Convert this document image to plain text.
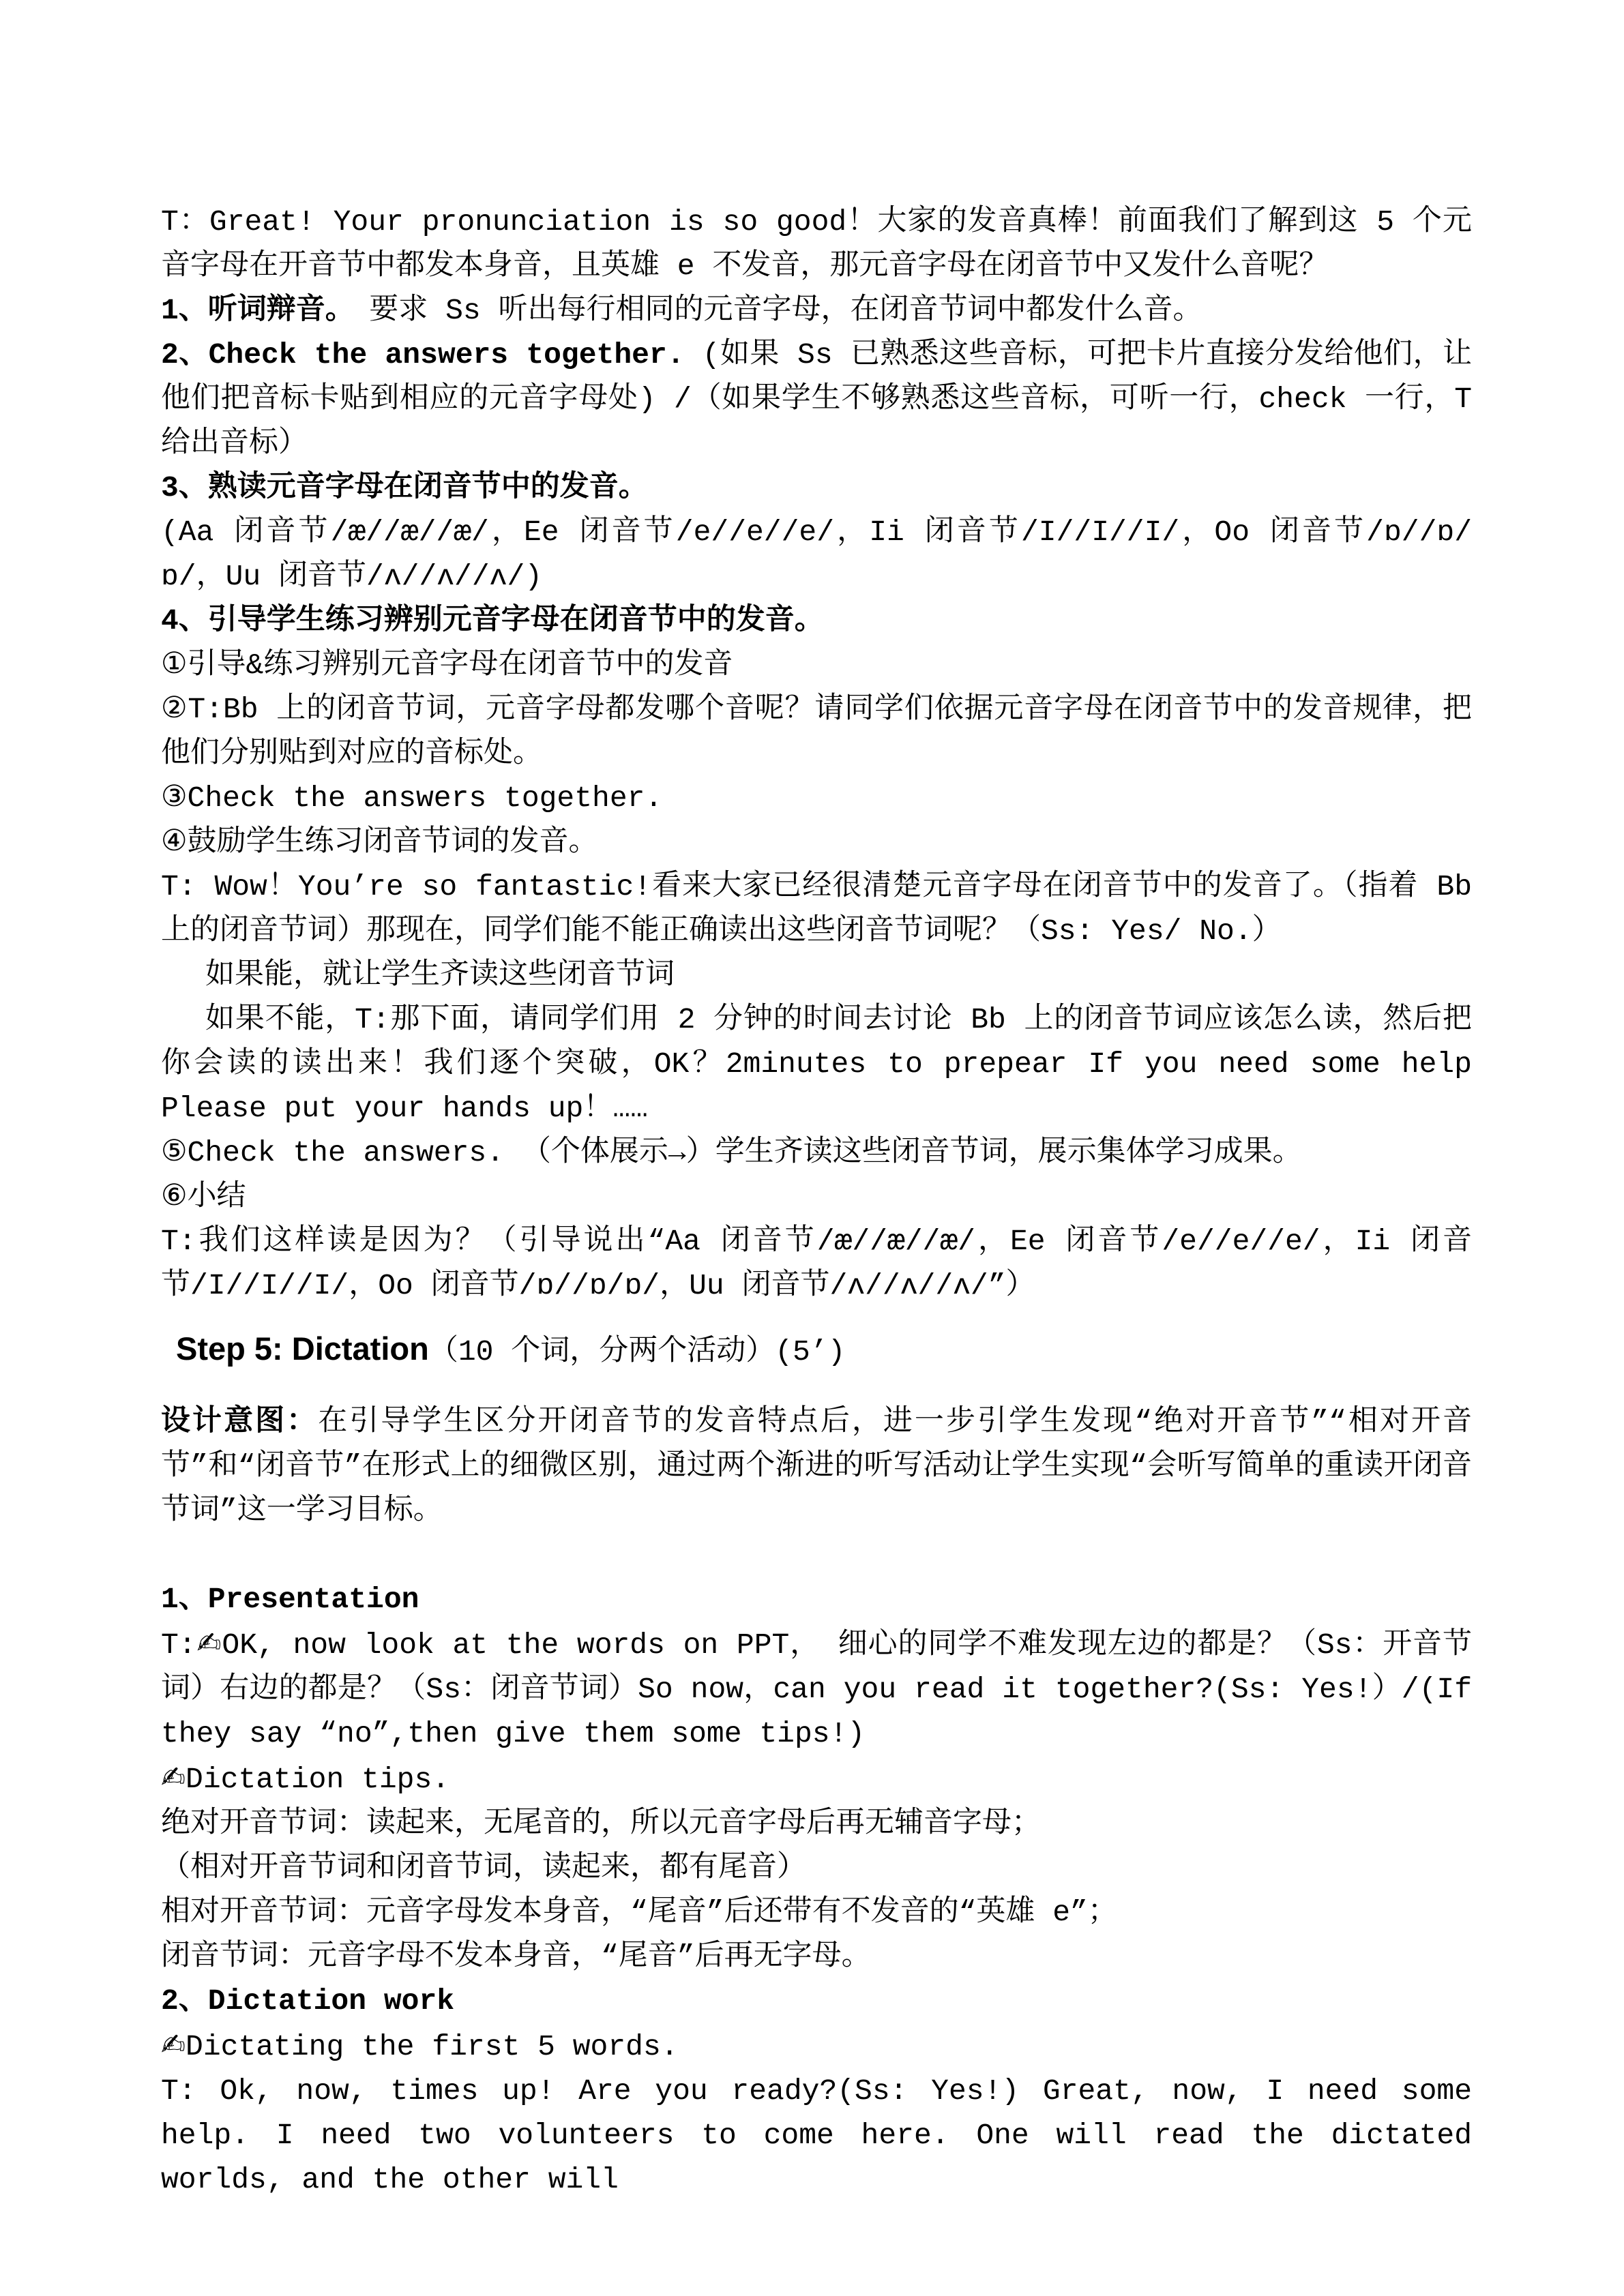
T：Great! Your pronunciation is so good！大家的发音真棒！前面我们了解到这 5 个元音字母在开音节中都发本身音，且英雄 e 不发音，那元音字母在闭音节中又发什么音呢？
1、听词辩音。　要求 Ss 听出每行相同的元音字母，在闭音节词中都发什么音。
2、Check the answers together. (如果 Ss 已熟悉这些音标，可把卡片直接分发给他们，让他们把音标卡贴到相应的元音字母处) /（如果学生不够熟悉这些音标，可听一行，check 一行，T 给出音标）
3、熟读元音字母在闭音节中的发音。
(Aa 闭音节/æ//æ//æ/，Ee 闭音节/e//e//e/，Ii 闭音节/I//I//I/，Oo 闭音节/ɒ//ɒ/ɒ/，Uu 闭音节/ʌ//ʌ//ʌ/)
4、引导学生练习辨别元音字母在闭音节中的发音。
①引导&练习辨别元音字母在闭音节中的发音
②T:Bb 上的闭音节词，元音字母都发哪个音呢？请同学们依据元音字母在闭音节中的发音规律，把他们分别贴到对应的音标处。
③Check the answers together.
④鼓励学生练习闭音节词的发音。
T: Wow！You’re so fantastic!看来大家已经很清楚元音字母在闭音节中的发音了。（指着 Bb 上的闭音节词）那现在，同学们能不能正确读出这些闭音节词呢？（Ss: Yes/ No.）
如果能，就让学生齐读这些闭音节词
如果不能，T:那下面，请同学们用 2 分钟的时间去讨论 Bb 上的闭音节词应该怎么读，然后把你会读的读出来！我们逐个突破，OK？2minutes to prepear If you need some help Please put your hands up！……
⑤Check the answers. （个体展示→）学生齐读这些闭音节词，展示集体学习成果。
⑥小结
T:我们这样读是因为？（引导说出“Aa 闭音节/æ//æ//æ/，Ee 闭音节/e//e//e/，Ii 闭音节/I//I//I/，Oo 闭音节/ɒ//ɒ/ɒ/，Uu 闭音节/ʌ//ʌ//ʌ/”）
Step 5: Dictation（10 个词，分两个活动）(5’)
设计意图：在引导学生区分开闭音节的发音特点后，进一步引学生发现“绝对开音节”“相对开音节”和“闭音节”在形式上的细微区别，通过两个渐进的听写活动让学生实现“会听写简单的重读开闭音节词”这一学习目标。
1、Presentation
T:✍OK, now look at the words on PPT， 细心的同学不难发现左边的都是？（Ss：开音节词）右边的都是？（Ss：闭音节词）So now，can you read it together?(Ss: Yes!）/(If they say “no”,then give them some tips!)
✍Dictation tips.
绝对开音节词：读起来，无尾音的，所以元音字母后再无辅音字母；
（相对开音节词和闭音节词，读起来，都有尾音）
相对开音节词：元音字母发本身音，“尾音”后还带有不发音的“英雄 e”；
闭音节词：元音字母不发本身音，“尾音”后再无字母。
2、Dictation work
✍Dictating the first 5 words.
T: Ok, now, times up! Are you ready?(Ss: Yes!) Great, now, I need some help. I need two volunteers to come here. One will read the dictated worlds, and the other will
